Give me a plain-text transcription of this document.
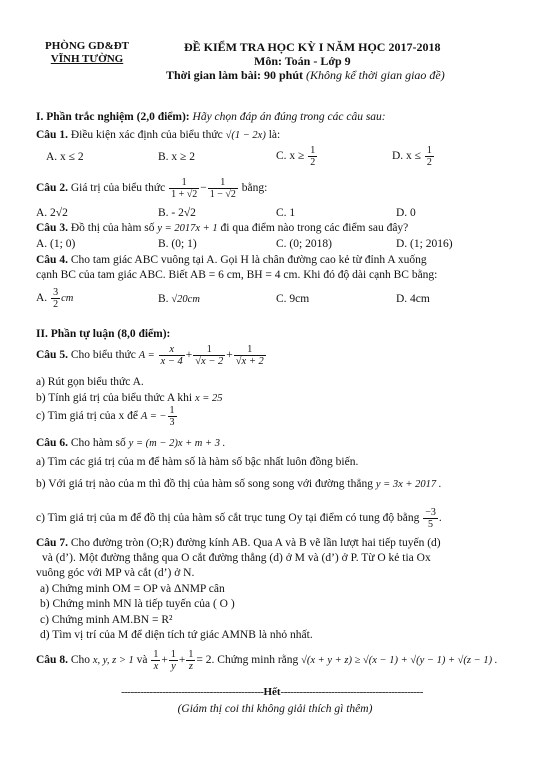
PHÒNG GD&ĐT
VĨNH TƯỜNG
ĐỀ KIỂM TRA HỌC KỲ I NĂM HỌC 2017-2018
Môn: Toán - Lớp 9
Thời gian làm bài: 90 phút (Không kể thời gian giao đề)
I. Phần trắc nghiệm (2,0 điểm): Hãy chọn đáp án đúng trong các câu sau:
Câu 1. Điều kiện xác định của biểu thức √(1 − 2x) là:
A. x ≤ 2	B. x ≥ 2	C. $x \ge \frac{1}{2}$	D. $x \le \frac{1}{2}$
Câu 2. Giá trị của biểu thức $\frac{1}{1 + √2} - \frac{1}{1 - √2}$ bằng:
A. 2√2	B. - 2√2	C. 1	D. 0
Câu 3. Đồ thị của hàm số y = 2017x + 1 đi qua điểm nào trong các điểm sau đây?
A. (1; 0)	B. (0; 1)	C. (0; 2018)	D. (1; 2016)
Câu 4. Cho tam giác ABC vuông tại A. Gọi H là chân đường cao kẻ từ đỉnh A xuống
cạnh BC của tam giác ABC. Biết AB = 6 cm, BH = 4 cm. Khi đó độ dài cạnh BC bằng:
A. $\frac{3}{2}$ cm	B. √20cm	C. 9cm	D. 4cm
II. Phần tự luận (8,0 điểm):
Câu 5. Cho biểu thức $A = \frac{x}{x - 4} + \frac{1}{√x - 2} + \frac{1}{√x + 2}$
a) Rút gọn biểu thức A.
b) Tính giá trị của biểu thức A khi x = 25
c) Tìm giá trị của x để A = − $\frac{1}{3}$
Câu 6. Cho hàm số y = (m − 2)x + m + 3 .
a) Tìm các giá trị của m để hàm số là hàm số bậc nhất luôn đồng biến.
b) Với giá trị nào của m thì đồ thị của hàm số song song với đường thẳng y = 3x + 2017 .
c) Tìm giá trị của m để đồ thị của hàm số cắt trục tung Oy tại điểm có tung độ bằng $\frac{-3}{5}$ .
Câu 7. Cho đường tròn (O;R) đường kính AB. Qua A và B vẽ lần lượt hai tiếp tuyến (d)
và (d’). Một đường thẳng qua O cắt đường thẳng (d) ở M và (d’) ở P. Từ O kẻ tia Ox
vuông góc với MP và cắt (d’) ở N.
a) Chứng minh OM = OP và ΔNMP cân
b) Chứng minh MN là tiếp tuyến của ( O )
c) Chứng minh AM.BN = R²
d) Tìm vị trí của M để diện tích tứ giác AMNB là nhỏ nhất.
Câu 8. Cho x, y, z > 1 và $\frac{1}{x} + \frac{1}{y} + \frac{1}{z} = 2$. Chứng minh rằng √(x + y + z) ≥ √(x − 1) + √(y − 1) + √(z − 1) .
---------------------------------------------Hết---------------------------------------------
(Giám thị coi thi không giải thích gì thêm)
